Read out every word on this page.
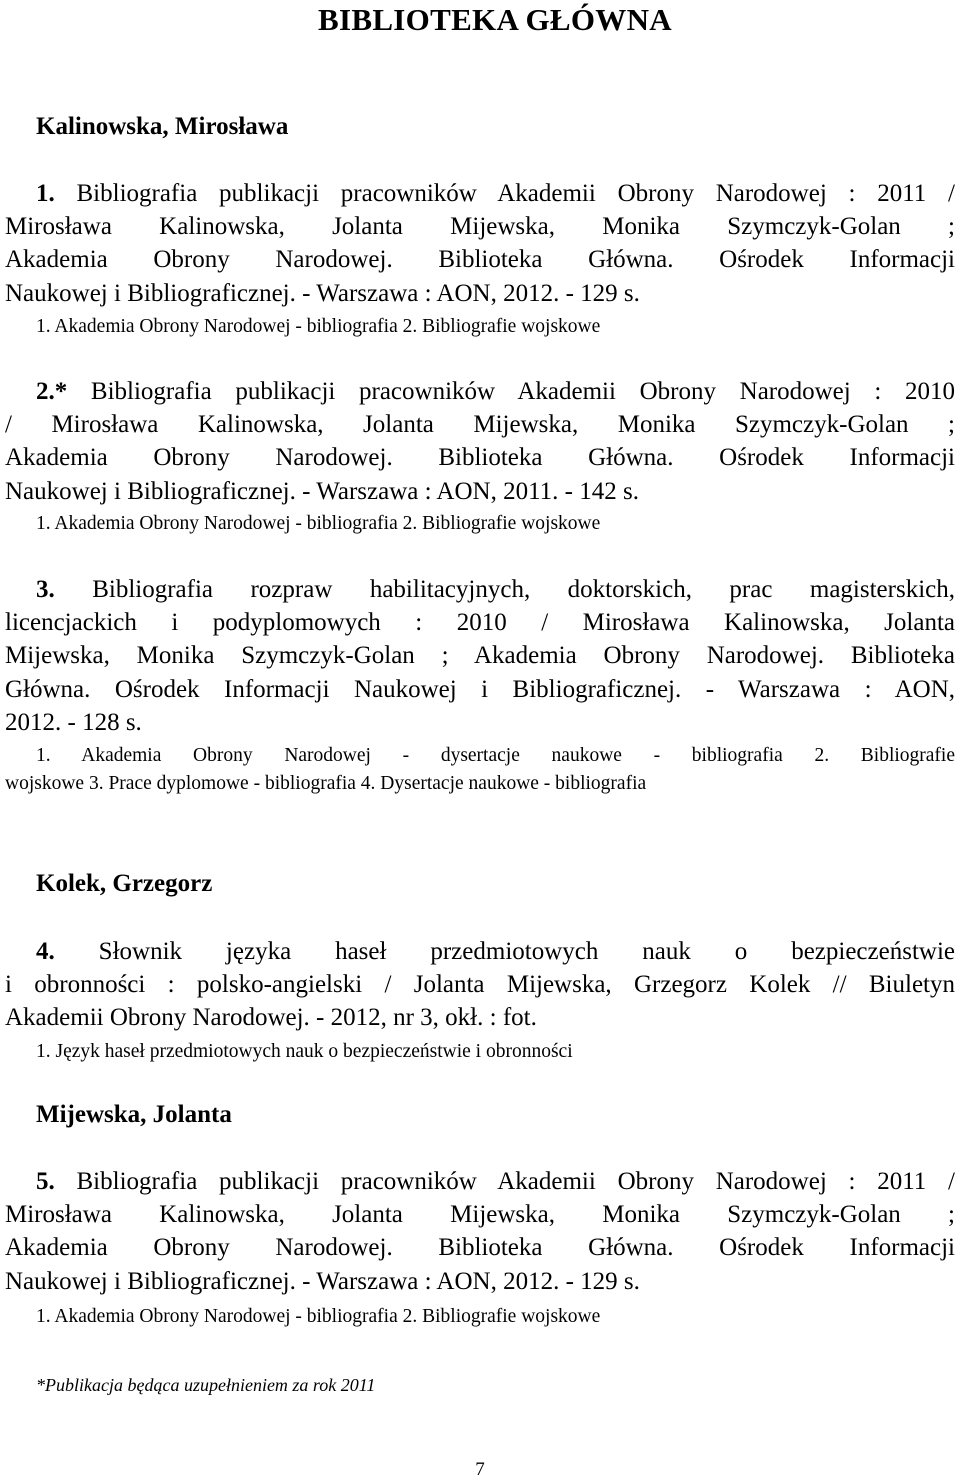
BIBLIOTEKA GŁÓWNA
Kalinowska, Mirosława
1. Bibliografia publikacji pracowników Akademii Obrony Narodowej : 2011 /
Mirosława Kalinowska, Jolanta Mijewska, Monika Szymczyk-Golan ;
Akademia Obrony Narodowej. Biblioteka Główna. Ośrodek Informacji
Naukowej i Bibliograficznej. - Warszawa : AON, 2012. - 129 s.
1. Akademia Obrony Narodowej - bibliografia 2. Bibliografie wojskowe
2.* Bibliografia publikacji pracowników Akademii Obrony Narodowej : 2010
/ Mirosława Kalinowska, Jolanta Mijewska, Monika Szymczyk-Golan ;
Akademia Obrony Narodowej. Biblioteka Główna. Ośrodek Informacji
Naukowej i Bibliograficznej. - Warszawa : AON, 2011. - 142 s.
1. Akademia Obrony Narodowej - bibliografia 2. Bibliografie wojskowe
3. Bibliografia rozpraw habilitacyjnych, doktorskich, prac magisterskich,
licencjackich i podyplomowych : 2010 / Mirosława Kalinowska, Jolanta
Mijewska, Monika Szymczyk-Golan ; Akademia Obrony Narodowej. Biblioteka
Główna. Ośrodek Informacji Naukowej i Bibliograficznej. - Warszawa : AON,
2012. - 128 s.
1. Akademia Obrony Narodowej - dysertacje naukowe - bibliografia 2. Bibliografie
wojskowe 3. Prace dyplomowe - bibliografia 4. Dysertacje naukowe - bibliografia
Kolek, Grzegorz
4. Słownik języka haseł przedmiotowych nauk o bezpieczeństwie
i obronności : polsko-angielski / Jolanta Mijewska, Grzegorz Kolek // Biuletyn
Akademii Obrony Narodowej. - 2012, nr 3, okł. : fot.
1. Język haseł przedmiotowych nauk o bezpieczeństwie i obronności
Mijewska, Jolanta
5. Bibliografia publikacji pracowników Akademii Obrony Narodowej : 2011 /
Mirosława Kalinowska, Jolanta Mijewska, Monika Szymczyk-Golan ;
Akademia Obrony Narodowej. Biblioteka Główna. Ośrodek Informacji
Naukowej i Bibliograficznej. - Warszawa : AON, 2012. - 129 s.
1. Akademia Obrony Narodowej - bibliografia 2. Bibliografie wojskowe
*Publikacja będąca uzupełnieniem za rok 2011
7
